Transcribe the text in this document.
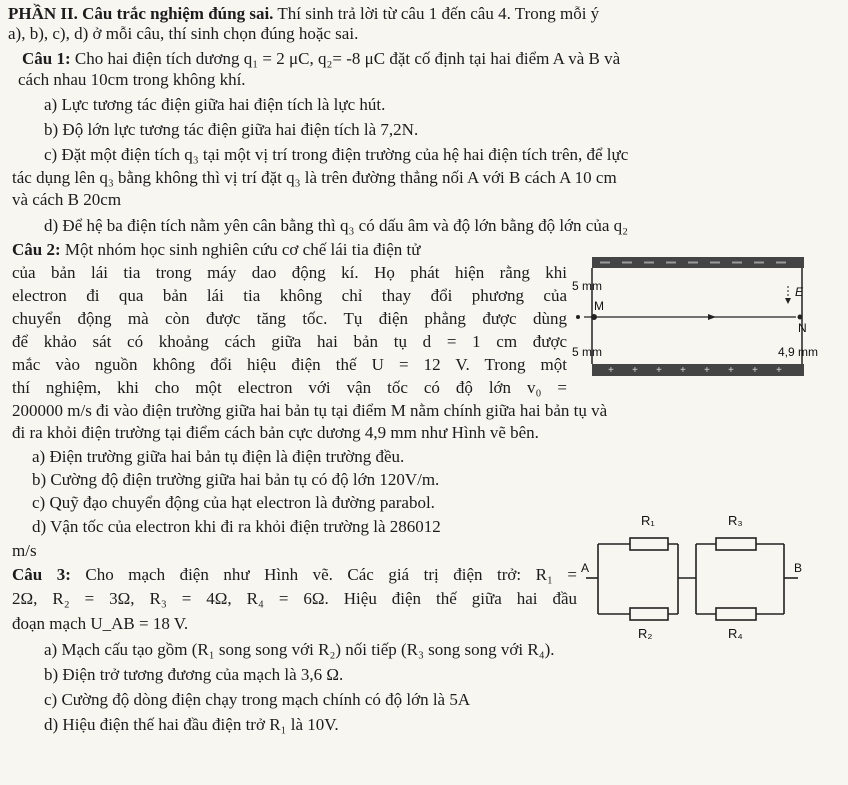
PHẦN II. Câu trắc nghiệm đúng sai. Thí sinh trả lời từ câu 1 đến câu 4. Trong mỗi ý
a), b), c), d) ở mỗi câu, thí sinh chọn đúng hoặc sai.
Câu 1: Cho hai điện tích dương q₁ = 2 μC, q₂= -8 μC đặt cố định tại hai điểm A và B và
cách nhau 10cm trong không khí.
a) Lực tương tác điện giữa hai điện tích là lực hút.
b) Độ lớn lực tương tác điện giữa hai điện tích là 7,2N.
c) Đặt một điện tích q₃ tại một vị trí trong điện trường của hệ hai điện tích trên, để lực
tác dụng lên q₃ bằng không thì vị trí đặt q₃ là trên đường thẳng nối A với B cách A 10 cm
và cách B 20cm
d) Để hệ ba điện tích nằm yên cân bằng thì q₃ có dấu âm và độ lớn bằng độ lớn của q₂
Câu 2: Một nhóm học sinh nghiên cứu cơ chế lái tia điện tử
của bản lái tia trong máy dao động kí. Họ phát hiện rằng khi
electron đi qua bản lái tia không chỉ thay đổi phương của
chuyển động mà còn được tăng tốc. Tụ điện phẳng được dùng
để khảo sát có khoảng cách giữa hai bản tụ d = 1 cm được
mắc vào nguồn không đổi hiệu điện thế U = 12 V. Trong một
thí nghiệm, khi cho một electron với vận tốc có độ lớn v₀ =
200000 m/s đi vào điện trường giữa hai bản tụ tại điểm M nằm chính giữa hai bản tụ và
đi ra khỏi điện trường tại điểm cách bản cực dương 4,9 mm như Hình vẽ bên.
a) Điện trường giữa hai bản tụ điện là điện trường đều.
b) Cường độ điện trường giữa hai bản tụ có độ lớn 120V/m.
c) Quỹ đạo chuyển động của hạt electron là đường parabol.
d) Vận tốc của electron khi đi ra khỏi điện trường là 286012
m/s
Câu 3: Cho mạch điện như Hình vẽ. Các giá trị điện trở: R₁ =
2Ω, R₂ = 3Ω, R₃ = 4Ω, R₄ = 6Ω. Hiệu điện thế giữa hai đầu
đoạn mạch U_AB = 18 V.
a) Mạch cấu tạo gồm (R₁ song song với R₂) nối tiếp (R₃ song song với R₄).
b) Điện trở tương đương của mạch là 3,6 Ω.
c) Cường độ dòng điện chạy trong mạch chính có độ lớn là 5A
d) Hiệu điện thế hai đầu điện trở R₁ là 10V.
+ + + + + + + +
5 mm	E
M
N
5 mm	4,9 mm
R₁	R₃
A	B
R₂	R₄
